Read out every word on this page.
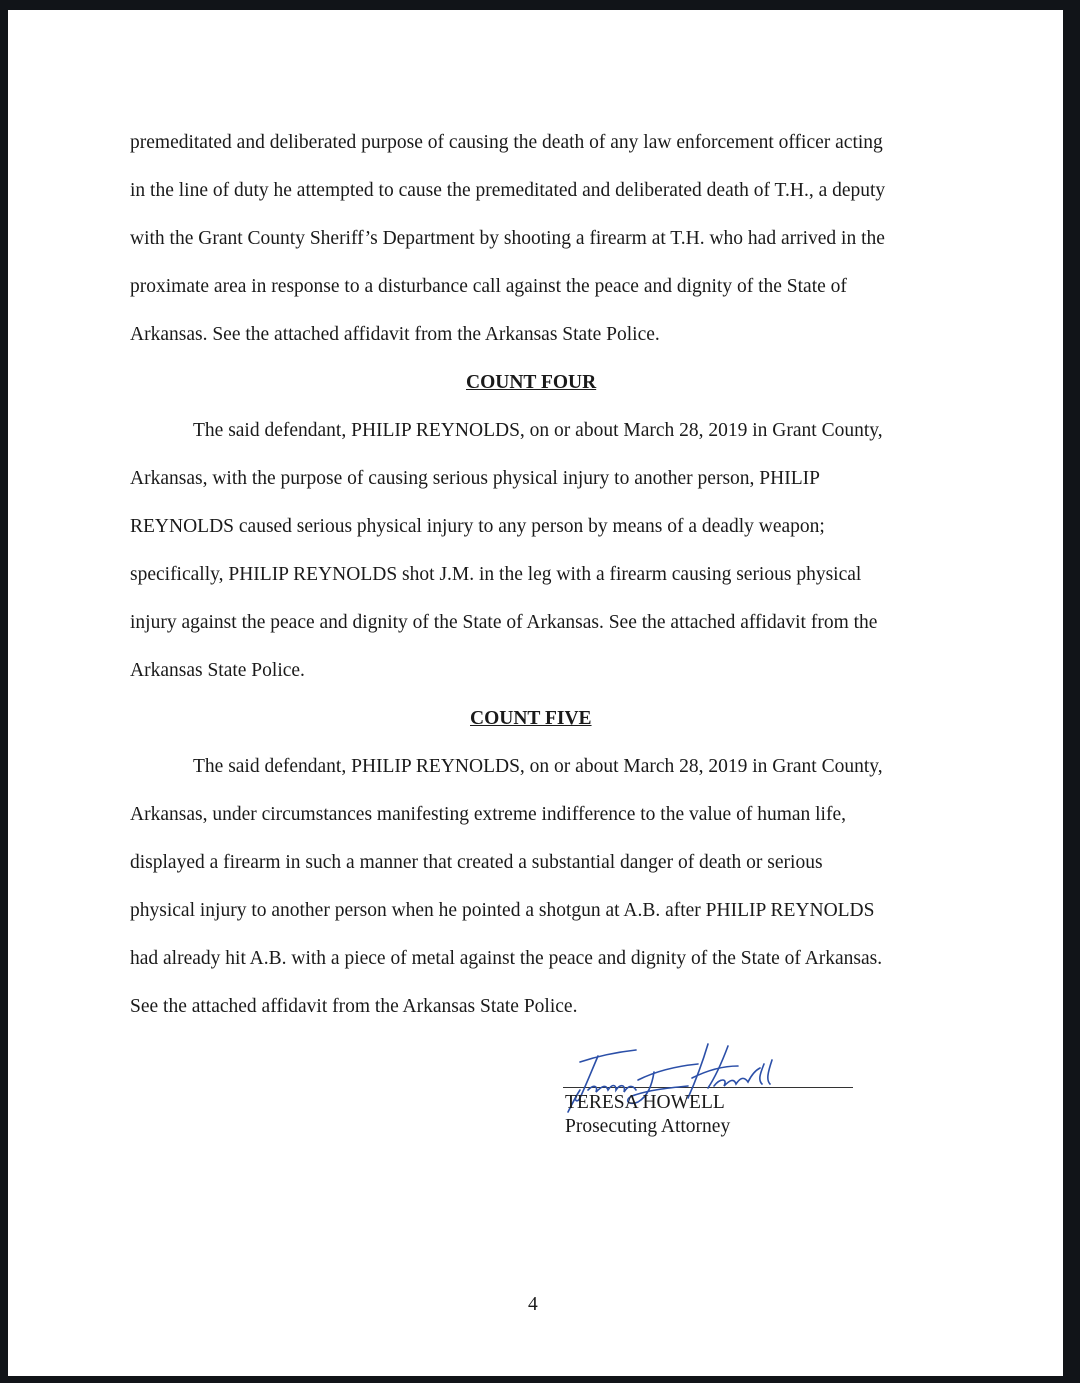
premeditated and deliberated purpose of causing the death of any law enforcement officer acting
in the line of duty he attempted to cause the premeditated and deliberated death of T.H., a deputy
with the Grant County Sheriff’s Department by shooting a firearm at T.H. who had arrived in the
proximate area in response to a disturbance call against the peace and dignity of the State of
Arkansas. See the attached affidavit from the Arkansas State Police.
COUNT FOUR
The said defendant, PHILIP REYNOLDS, on or about March 28, 2019 in Grant County,
Arkansas, with the purpose of causing serious physical injury to another person, PHILIP
REYNOLDS caused serious physical injury to any person by means of a deadly weapon;
specifically, PHILIP REYNOLDS shot J.M. in the leg with a firearm causing serious physical
injury against the peace and dignity of the State of Arkansas. See the attached affidavit from the
Arkansas State Police.
COUNT FIVE
The said defendant, PHILIP REYNOLDS, on or about March 28, 2019 in Grant County,
Arkansas, under circumstances manifesting extreme indifference to the value of human life,
displayed a firearm in such a manner that created a substantial danger of death or serious
physical injury to another person when he pointed a shotgun at A.B. after PHILIP REYNOLDS
had already hit A.B. with a piece of metal against the peace and dignity of the State of Arkansas.
See the attached affidavit from the Arkansas State Police.
TERESA HOWELL
Prosecuting Attorney
4
